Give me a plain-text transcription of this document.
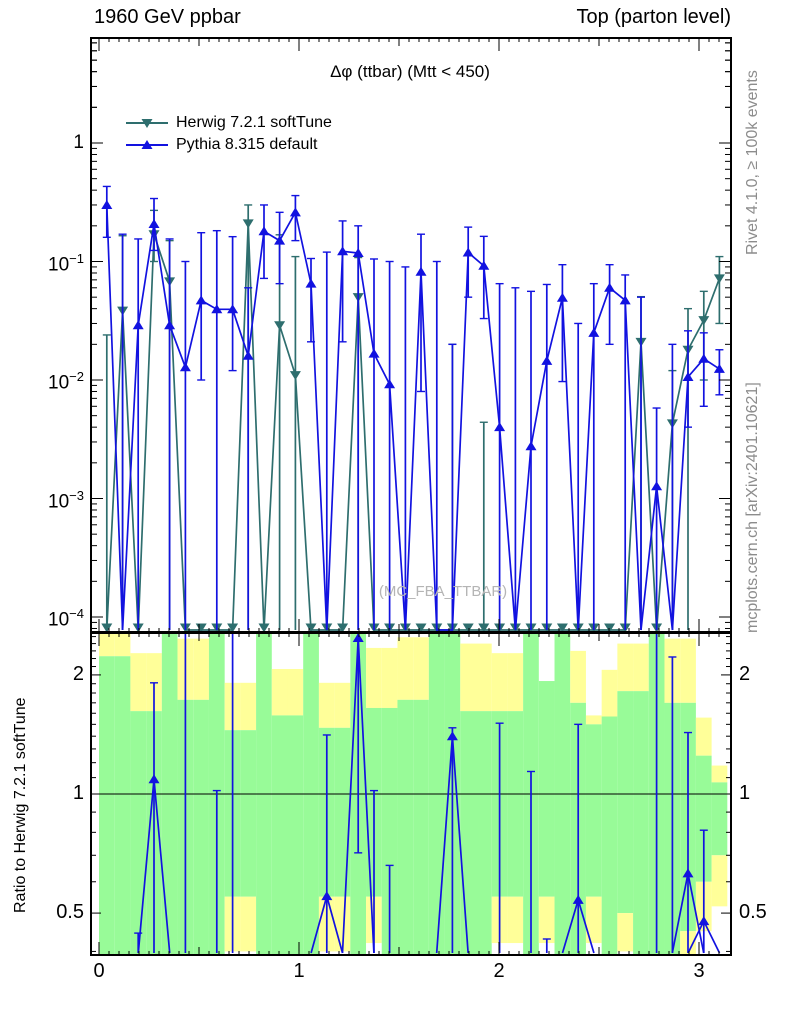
1960 GeV ppbar	Top (parton level)
Δφ (ttbar) (Mtt < 450)
Herwig 7.2.1 softTune
Pythia 8.315 default
(MC_FBA_TTBAR)
Rivet 4.1.0, ≥ 100k events
mcplots.cern.ch [arXiv:2401.10621]
Ratio to Herwig 7.2.1 softTune
1
$10^{-1}$
$10^{-2}$
$10^{-3}$
$10^{-4}$
2	2
1	1
0.5	0.5
0	1	2	3
